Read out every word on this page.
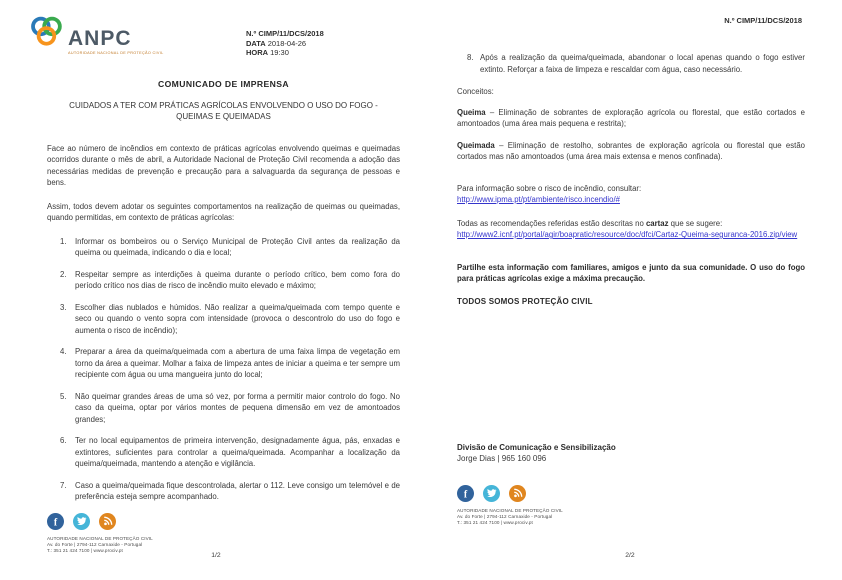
ANPC
AUTORIDADE NACIONAL DE PROTEÇÃO CIVIL
N.º CIMP/11/DCS/2018
DATA 2018-04-26
HORA 19:30
COMUNICADO DE IMPRENSA
CUIDADOS A TER COM PRÁTICAS AGRÍCOLAS ENVOLVENDO O USO DO FOGO - QUEIMAS E QUEIMADAS
Face ao número de incêndios em contexto de práticas agrícolas envolvendo queimas e queimadas ocorridos durante o mês de abril, a Autoridade Nacional de Proteção Civil recomenda a adoção das necessárias medidas de prevenção e precaução para a salvaguarda da segurança de pessoas e bens.
Assim, todos devem adotar os seguintes comportamentos na realização de queimas ou queimadas, quando permitidas, em contexto de práticas agrícolas:
1. Informar os bombeiros ou o Serviço Municipal de Proteção Civil antes da realização da queima ou queimada, indicando o dia e local;
2. Respeitar sempre as interdições à queima durante o período crítico, bem como fora do período crítico nos dias de risco de incêndio muito elevado e máximo;
3. Escolher dias nublados e húmidos. Não realizar a queima/queimada com tempo quente e seco ou quando o vento sopra com intensidade (provoca o descontrolo do uso do fogo e aumenta o risco de incêndio);
4. Preparar a área da queima/queimada com a abertura de uma faixa limpa de vegetação em torno da área a queimar. Molhar a faixa de limpeza antes de iniciar a queima e ter sempre um recipiente com água ou uma mangueira junto do local;
5. Não queimar grandes áreas de uma só vez, por forma a permitir maior controlo do fogo. No caso da queima, optar por vários montes de pequena dimensão em vez de amontoados grandes;
6. Ter no local equipamentos de primeira intervenção, designadamente água, pás, enxadas e extintores, suficientes para controlar a queima/queimada. Acompanhar a localização da queima/queimada, mantendo a atenção e vigilância.
7. Caso a queima/queimada fique descontrolada, alertar o 112. Leve consigo um telemóvel e de preferência esteja sempre acompanhado.
f
AUTORIDADE NACIONAL DE PROTEÇÃO CIVIL
Av. do Forte | 2794-112 Carnaxide - Portugal
T.: 351 21 424 7100 | www.prociv.pt
1/2
N.º CIMP/11/DCS/2018
8. Após a realização da queima/queimada, abandonar o local apenas quando o fogo estiver extinto. Reforçar a faixa de limpeza e rescaldar com água, caso necessário.
Conceitos:
Queima – Eliminação de sobrantes de exploração agrícola ou florestal, que estão cortados e amontoados (uma área mais pequena e restrita);
Queimada – Eliminação de restolho, sobrantes de exploração agrícola ou florestal que estão cortados mas não amontoados (uma área mais extensa e menos confinada).
Para informação sobre o risco de incêndio, consultar:
http://www.ipma.pt/pt/ambiente/risco.incendio/#
Todas as recomendações referidas estão descritas no cartaz que se sugere:
http://www2.icnf.pt/portal/agir/boapratic/resource/doc/dfci/Cartaz-Queima-seguranca-2016.zip/view
Partilhe esta informação com familiares, amigos e junto da sua comunidade. O uso do fogo para práticas agrícolas exige a máxima precaução.
TODOS SOMOS PROTEÇÃO CIVIL
Divisão de Comunicação e Sensibilização
Jorge Dias | 965 160 096
f
AUTORIDADE NACIONAL DE PROTEÇÃO CIVIL
Av. do Forte | 2794-112 Carnaxide - Portugal
T.: 351 21 424 7100 | www.prociv.pt
2/2
